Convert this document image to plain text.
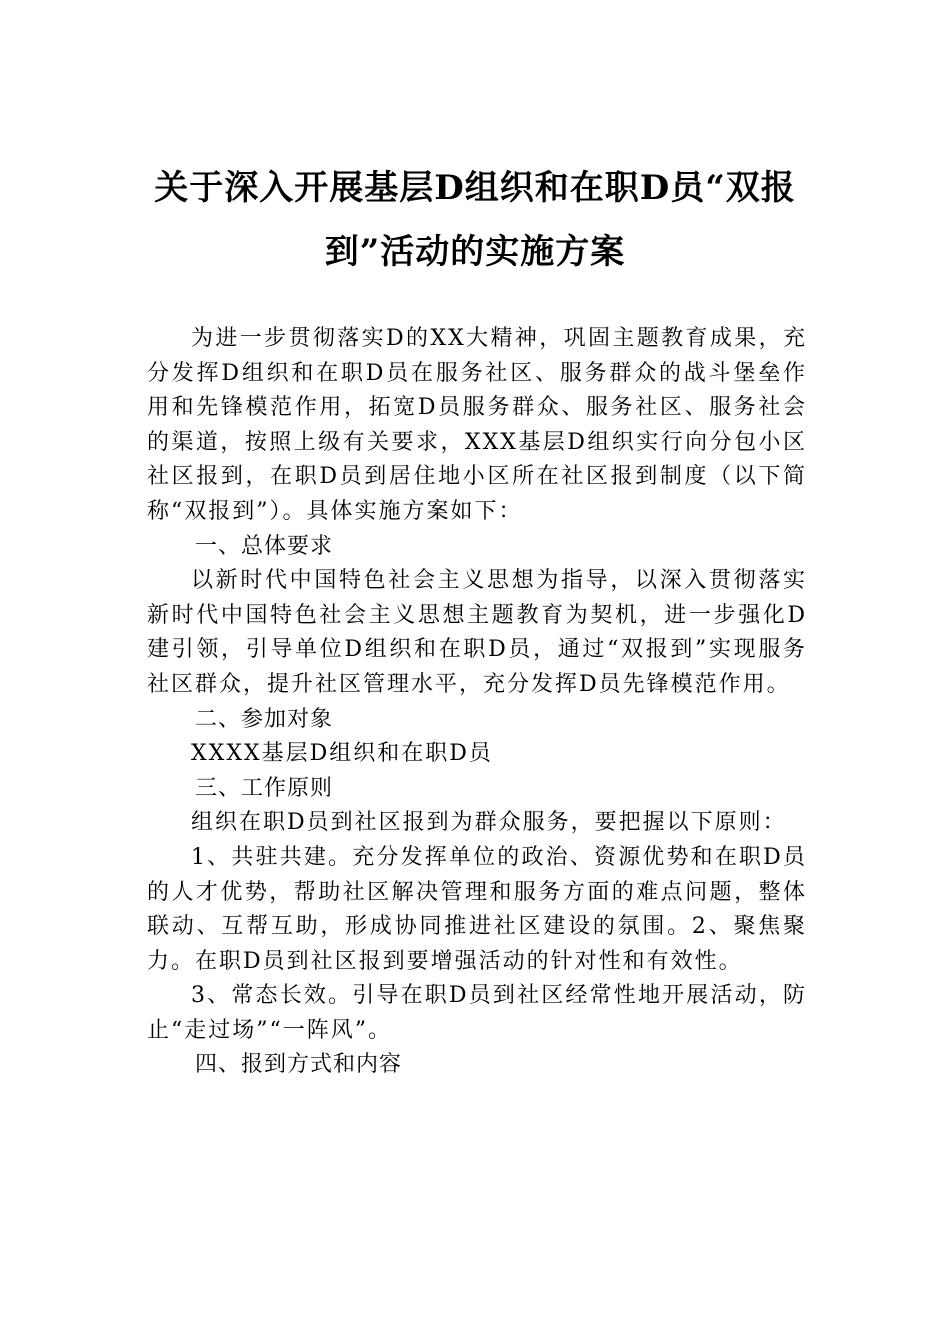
关于深入开展基层D组织和在职D员“双报到”活动的实施方案

为进一步贯彻落实D的XX大精神，巩固主题教育成果，充分发挥D组织和在职D员在服务社区、服务群众的战斗堡垒作用和先锋模范作用，拓宽D员服务群众、服务社区、服务社会的渠道，按照上级有关要求，XXX基层D组织实行向分包小区社区报到，在职D员到居住地小区所在社区报到制度（以下简称“双报到”）。具体实施方案如下：

一、总体要求

以新时代中国特色社会主义思想为指导，以深入贯彻落实新时代中国特色社会主义思想主题教育为契机，进一步强化D建引领，引导单位D组织和在职D员，通过“双报到”实现服务社区群众，提升社区管理水平，充分发挥D员先锋模范作用。

二、参加对象

XXXX基层D组织和在职D员

三、工作原则

组织在职D员到社区报到为群众服务，要把握以下原则：

1、共驻共建。充分发挥单位的政治、资源优势和在职D员的人才优势，帮助社区解决管理和服务方面的难点问题，整体联动、互帮互助，形成协同推进社区建设的氛围。2、聚焦聚力。在职D员到社区报到要增强活动的针对性和有效性。

3、常态长效。引导在职D员到社区经常性地开展活动，防止“走过场”“一阵风”。

四、报到方式和内容
